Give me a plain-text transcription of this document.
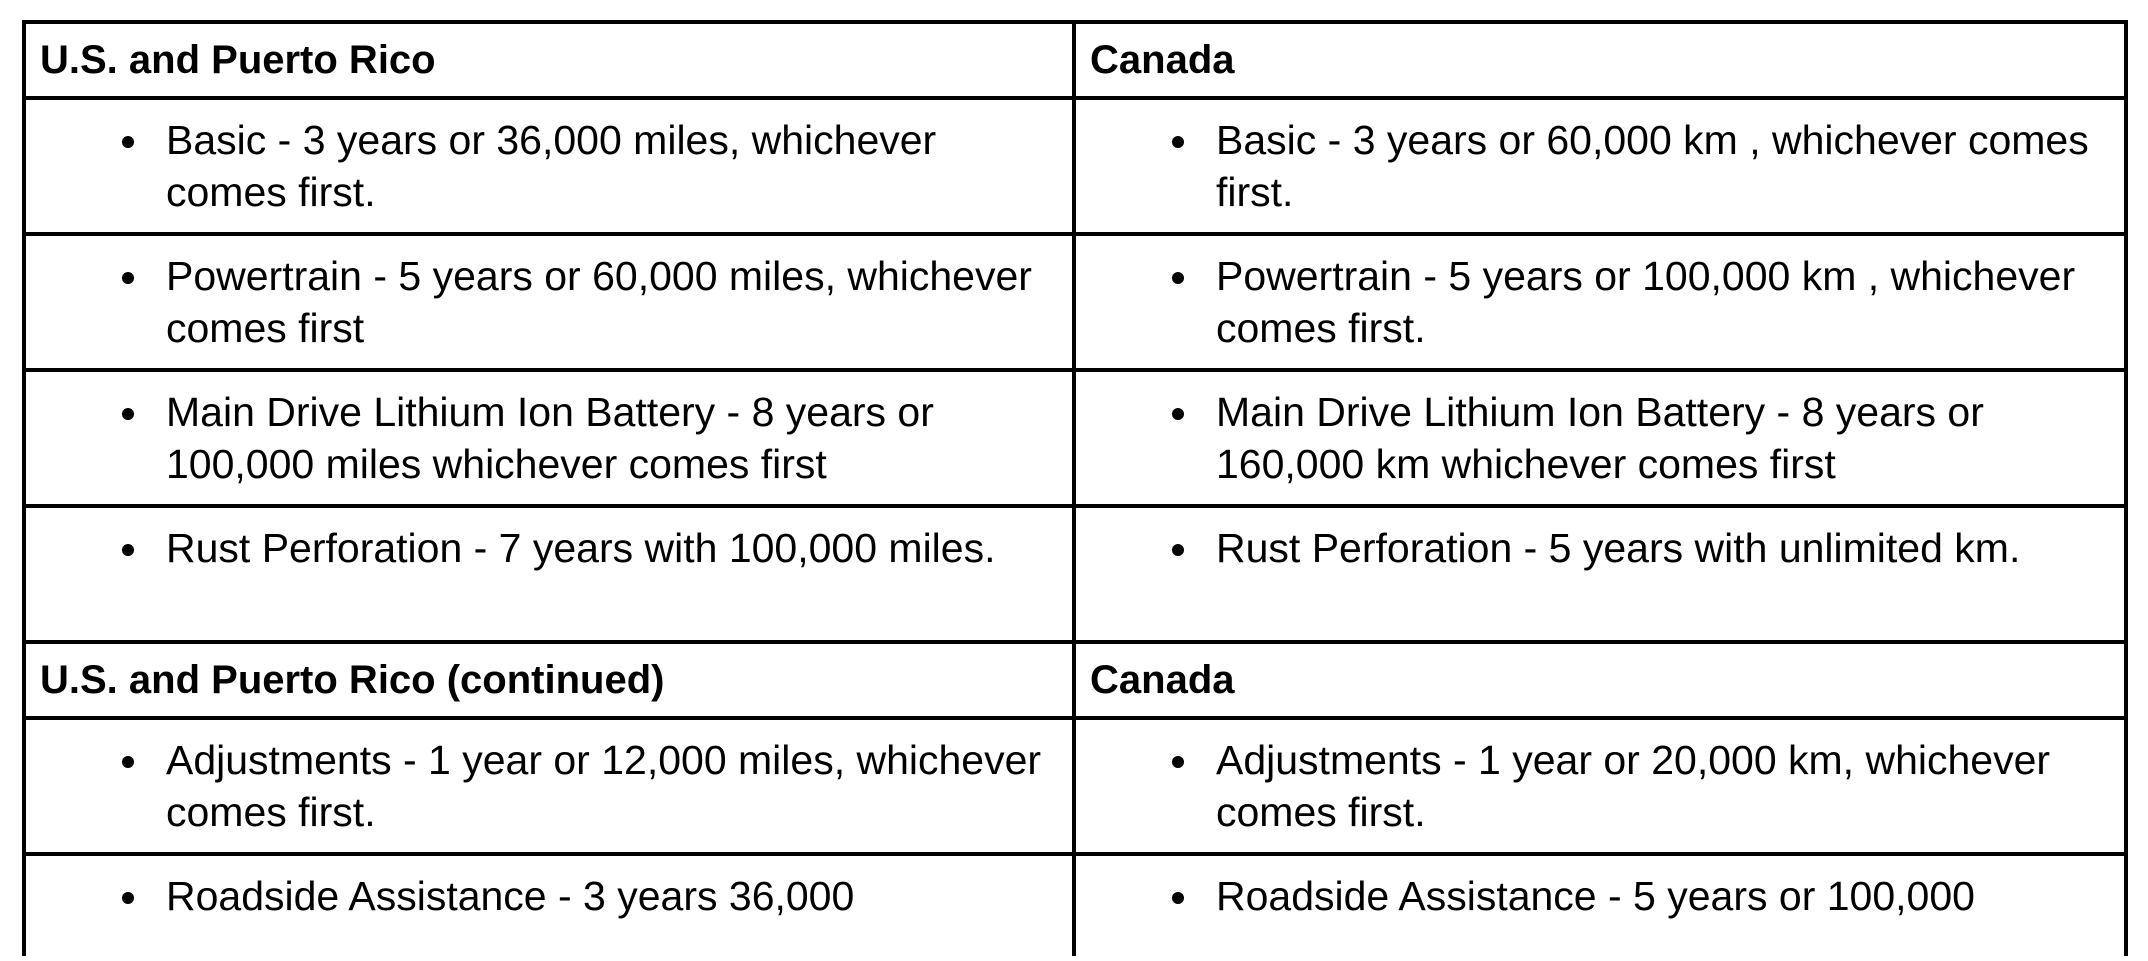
U.S. and Puerto Rico	Canada

Basic - 3 years or 36,000 miles, whichever comes first.	Basic - 3 years or 60,000 km , whichever comes first.

Powertrain - 5 years or 60,000 miles, whichever comes first	Powertrain - 5 years or 100,000 km , whichever comes first.

Main Drive Lithium Ion Battery - 8 years or 100,000 miles whichever comes first	Main Drive Lithium Ion Battery - 8 years or 160,000 km whichever comes first

Rust Perforation - 7 years with 100,000 miles.	Rust Perforation - 5 years with unlimited km.

U.S. and Puerto Rico (continued)	Canada

Adjustments - 1 year or 12,000 miles, whichever comes first.	Adjustments - 1 year or 20,000 km, whichever comes first.

Roadside Assistance - 3 years 36,000	Roadside Assistance - 5 years or 100,000
